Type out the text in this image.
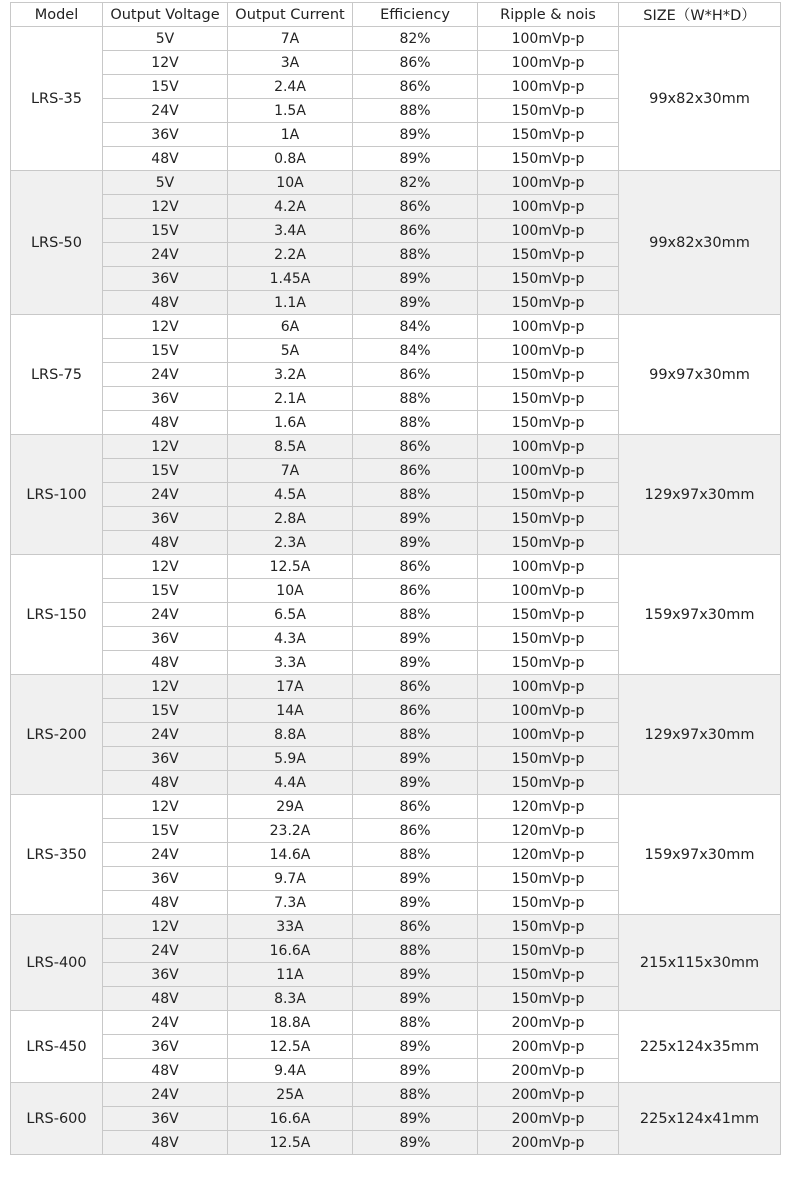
Model	Output Voltage	Output Current	Efficiency	Ripple & nois	SIZE（W*H*D）
LRS-35	5V	7A	82%	100mVp-p	99x82x30mm
	12V	3A	86%	100mVp-p	
	15V	2.4A	86%	100mVp-p	
	24V	1.5A	88%	150mVp-p	
	36V	1A	89%	150mVp-p	
	48V	0.8A	89%	150mVp-p	
LRS-50	5V	10A	82%	100mVp-p	99x82x30mm
	12V	4.2A	86%	100mVp-p	
	15V	3.4A	86%	100mVp-p	
	24V	2.2A	88%	150mVp-p	
	36V	1.45A	89%	150mVp-p	
	48V	1.1A	89%	150mVp-p	
LRS-75	12V	6A	84%	100mVp-p	99x97x30mm
	15V	5A	84%	100mVp-p	
	24V	3.2A	86%	150mVp-p	
	36V	2.1A	88%	150mVp-p	
	48V	1.6A	88%	150mVp-p	
LRS-100	12V	8.5A	86%	100mVp-p	129x97x30mm
	15V	7A	86%	100mVp-p	
	24V	4.5A	88%	150mVp-p	
	36V	2.8A	89%	150mVp-p	
	48V	2.3A	89%	150mVp-p	
LRS-150	12V	12.5A	86%	100mVp-p	159x97x30mm
	15V	10A	86%	100mVp-p	
	24V	6.5A	88%	150mVp-p	
	36V	4.3A	89%	150mVp-p	
	48V	3.3A	89%	150mVp-p	
LRS-200	12V	17A	86%	100mVp-p	129x97x30mm
	15V	14A	86%	100mVp-p	
	24V	8.8A	88%	100mVp-p	
	36V	5.9A	89%	150mVp-p	
	48V	4.4A	89%	150mVp-p	
LRS-350	12V	29A	86%	120mVp-p	159x97x30mm
	15V	23.2A	86%	120mVp-p	
	24V	14.6A	88%	120mVp-p	
	36V	9.7A	89%	150mVp-p	
	48V	7.3A	89%	150mVp-p	
LRS-400	12V	33A	86%	150mVp-p	215x115x30mm
	24V	16.6A	88%	150mVp-p	
	36V	11A	89%	150mVp-p	
	48V	8.3A	89%	150mVp-p	
LRS-450	24V	18.8A	88%	200mVp-p	225x124x35mm
	36V	12.5A	89%	200mVp-p	
	48V	9.4A	89%	200mVp-p	
LRS-600	24V	25A	88%	200mVp-p	225x124x41mm
	36V	16.6A	89%	200mVp-p	
	48V	12.5A	89%	200mVp-p	
